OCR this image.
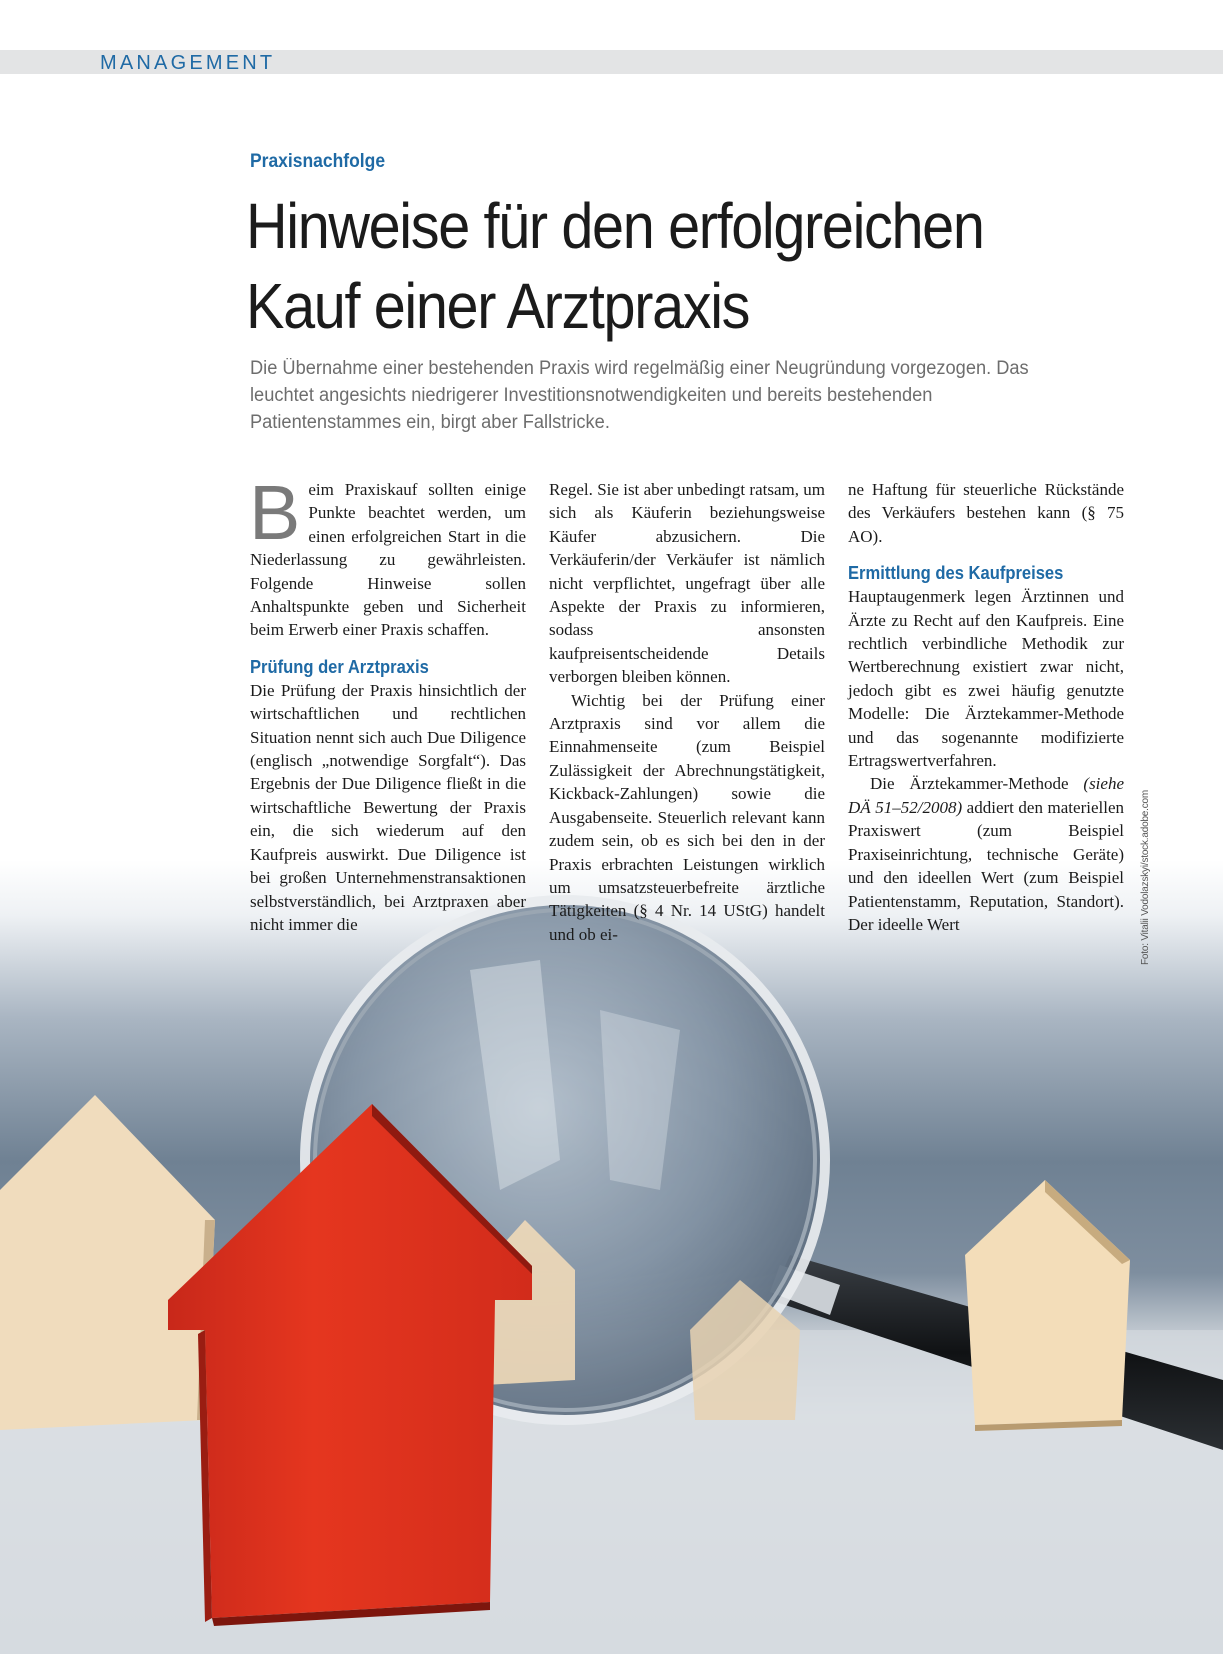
MANAGEMENT
Praxisnachfolge
Hinweise für den erfolgreichen
Kauf einer Arztpraxis
Die Übernahme einer bestehenden Praxis wird regelmäßig einer Neugründung vorgezogen. Das leuchtet angesichts niedrigerer Investitionsnotwendigkeiten und bereits bestehenden Patientenstammes ein, birgt aber Fallstricke.

Beim Praxiskauf sollten einige Punkte beachtet werden, um einen erfolgreichen Start in die Niederlassung zu gewährleisten. Folgende Hinweise sollen Anhaltspunkte geben und Sicherheit beim Erwerb einer Praxis schaffen.

Prüfung der Arztpraxis

Die Prüfung der Praxis hinsichtlich der wirtschaftlichen und rechtlichen Situation nennt sich auch Due Diligence (englisch „notwendige Sorgfalt“). Das Ergebnis der Due Diligence fließt in die wirtschaftliche Bewertung der Praxis ein, die sich wiederum auf den Kaufpreis auswirkt. Due Diligence ist bei großen Unternehmenstransaktionen selbstverständlich, bei Arztpraxen aber nicht immer die

Regel. Sie ist aber unbedingt ratsam, um sich als Käuferin beziehungsweise Käufer abzusichern. Die Verkäuferin/der Verkäufer ist nämlich nicht verpflichtet, ungefragt über alle Aspekte der Praxis zu informieren, sodass ansonsten kaufpreisentscheidende Details verborgen bleiben können.

Wichtig bei der Prüfung einer Arztpraxis sind vor allem die Einnahmenseite (zum Beispiel Zulässigkeit der Abrechnungstätigkeit, Kickback-Zahlungen) sowie die Ausgabenseite. Steuerlich relevant kann zudem sein, ob es sich bei den in der Praxis erbrachten Leistungen wirklich um umsatzsteuerbefreite ärztliche Tätigkeiten (§ 4 Nr. 14 UStG) handelt und ob ei-

ne Haftung für steuerliche Rückstände des Verkäufers bestehen kann (§ 75 AO).

Ermittlung des Kaufpreises

Hauptaugenmerk legen Ärztinnen und Ärzte zu Recht auf den Kaufpreis. Eine rechtlich verbindliche Methodik zur Wertberechnung existiert zwar nicht, jedoch gibt es zwei häufig genutzte Modelle: Die Ärztekammer-Methode und das sogenannte modifizierte Ertragswertverfahren.

Die Ärztekammer-Methode (siehe DÄ 51–52/2008) addiert den materiellen Praxiswert (zum Beispiel Praxiseinrichtung, technische Geräte) und den ideellen Wert (zum Beispiel Patientenstamm, Reputation, Standort). Der ideelle Wert	Foto: Vitalii Vodolazskyi/stock.adobe.com
